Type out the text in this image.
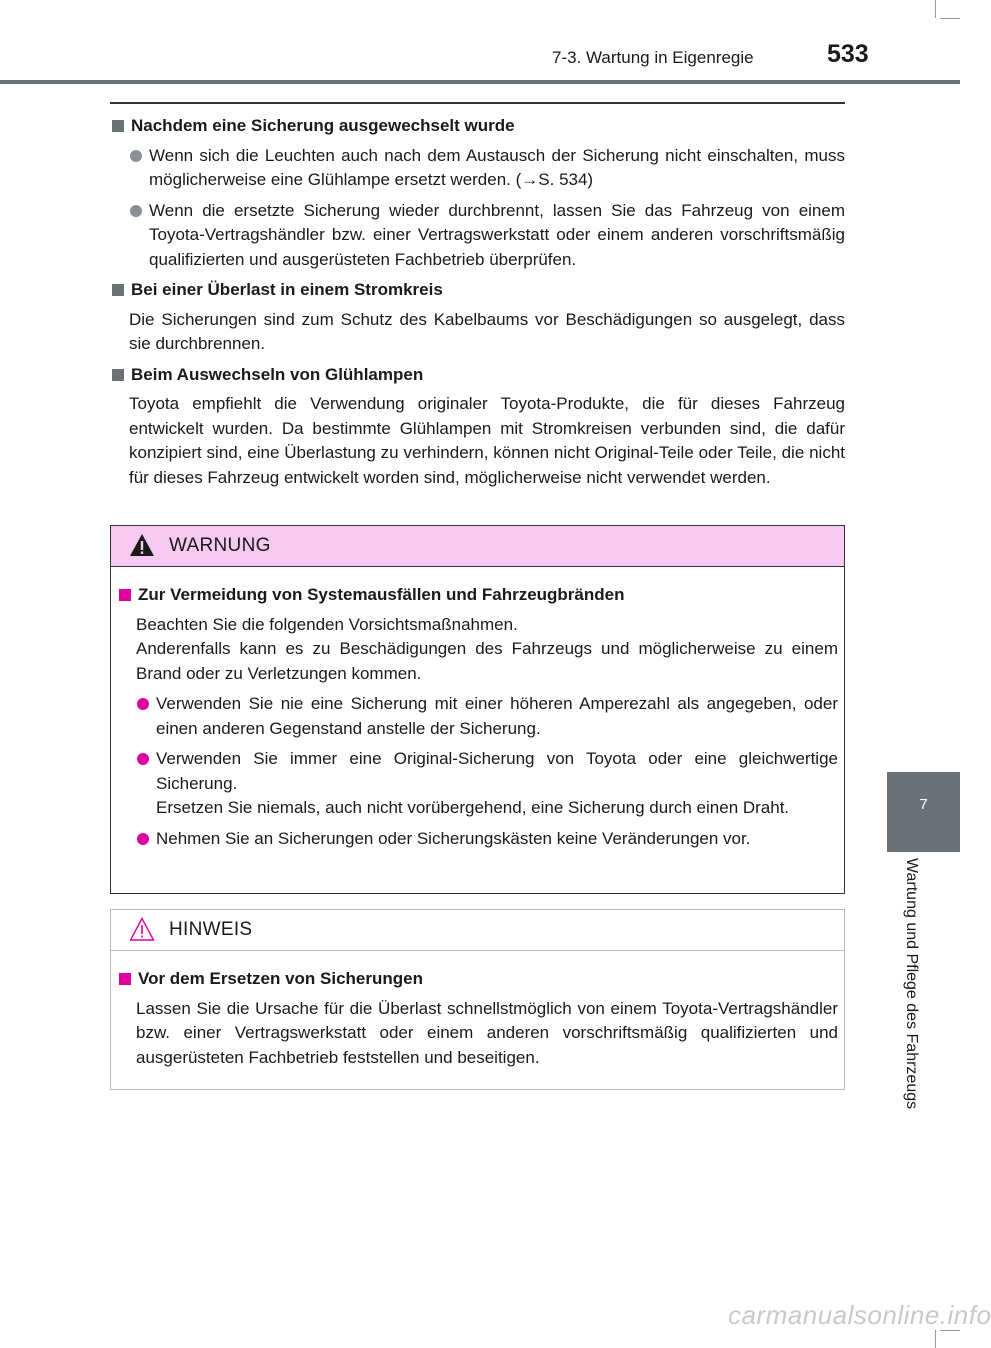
7-3. Wartung in Eigenregie	533
Nachdem eine Sicherung ausgewechselt wurde
Wenn sich die Leuchten auch nach dem Austausch der Sicherung nicht einschalten, muss möglicherweise eine Glühlampe ersetzt werden. (→S. 534)
Wenn die ersetzte Sicherung wieder durchbrennt, lassen Sie das Fahrzeug von einem Toyota-Vertragshändler bzw. einer Vertragswerkstatt oder einem anderen vorschriftsmäßig qualifizierten und ausgerüsteten Fachbetrieb überprüfen.
Bei einer Überlast in einem Stromkreis
Die Sicherungen sind zum Schutz des Kabelbaums vor Beschädigungen so ausgelegt, dass sie durchbrennen.
Beim Auswechseln von Glühlampen
Toyota empfiehlt die Verwendung originaler Toyota-Produkte, die für dieses Fahrzeug entwickelt wurden. Da bestimmte Glühlampen mit Stromkreisen verbunden sind, die dafür konzipiert sind, eine Überlastung zu verhindern, können nicht Original-Teile oder Teile, die nicht für dieses Fahrzeug entwickelt worden sind, möglicherweise nicht verwendet werden.
WARNUNG
Zur Vermeidung von Systemausfällen und Fahrzeugbränden
Beachten Sie die folgenden Vorsichtsmaßnahmen.
Anderenfalls kann es zu Beschädigungen des Fahrzeugs und möglicherweise zu einem Brand oder zu Verletzungen kommen.
Verwenden Sie nie eine Sicherung mit einer höheren Amperezahl als angegeben, oder einen anderen Gegenstand anstelle der Sicherung.
Verwenden Sie immer eine Original-Sicherung von Toyota oder eine gleichwertige Sicherung.
Ersetzen Sie niemals, auch nicht vorübergehend, eine Sicherung durch einen Draht.
Nehmen Sie an Sicherungen oder Sicherungskästen keine Veränderungen vor.
HINWEIS
Vor dem Ersetzen von Sicherungen
Lassen Sie die Ursache für die Überlast schnellstmöglich von einem Toyota-Vertragshändler bzw. einer Vertragswerkstatt oder einem anderen vorschriftsmäßig qualifizierten und ausgerüsteten Fachbetrieb feststellen und beseitigen.
7
Wartung und Pflege des Fahrzeugs
carmanualsonline.info
